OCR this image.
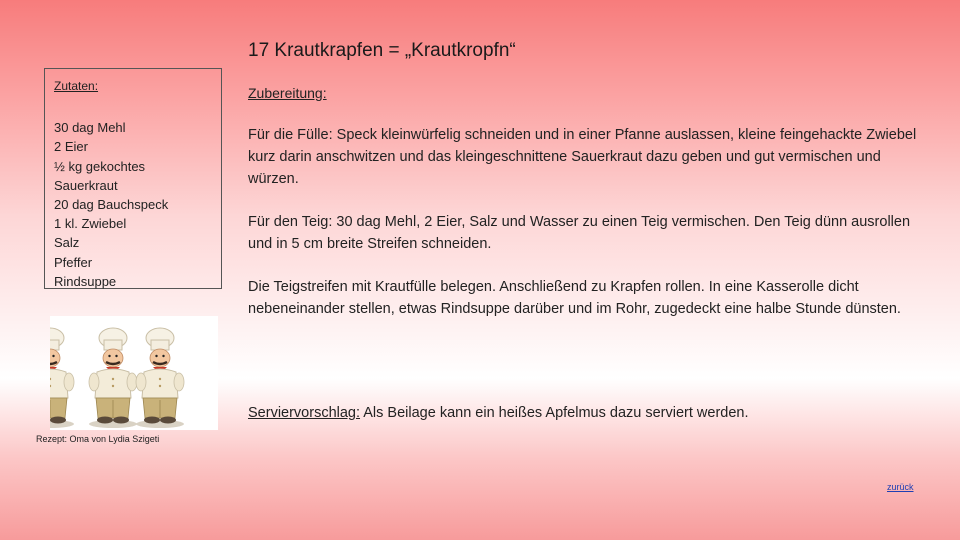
17 Krautkrapfen = „Krautkropfn“
Zutaten:
30 dag Mehl
2 Eier
½ kg gekochtes
Sauerkraut
20 dag Bauchspeck
1 kl. Zwiebel
Salz
Pfeffer
Rindsuppe
Rezept: Oma von Lydia Szigeti
Zubereitung:
Für die Fülle: Speck kleinwürfelig schneiden und in einer Pfanne auslassen, kleine feingehackte Zwiebel kurz darin anschwitzen und das kleingeschnittene Sauerkraut dazu geben und gut vermischen und würzen.
Für den Teig: 30 dag Mehl, 2 Eier, Salz und Wasser zu einen Teig vermischen. Den Teig dünn ausrollen und in 5 cm breite Streifen schneiden.
Die Teigstreifen mit Krautfülle belegen. Anschließend zu Krapfen rollen. In eine Kasserolle dicht nebeneinander stellen, etwas Rindsuppe darüber und im Rohr, zugedeckt eine halbe Stunde dünsten.
Serviervorschlag: Als Beilage kann ein heißes Apfelmus dazu serviert werden.
zurück
